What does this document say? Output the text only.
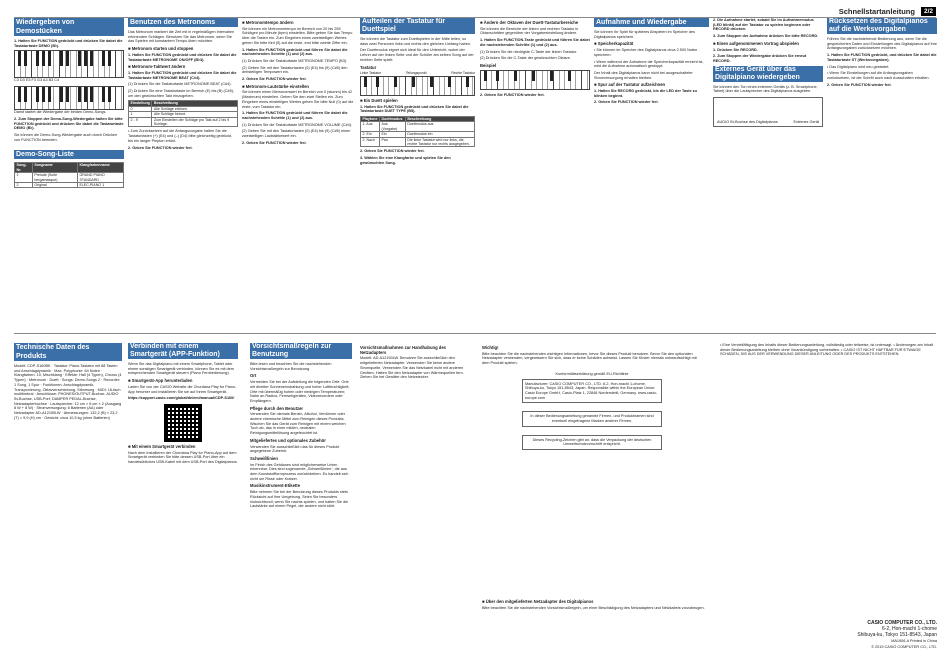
Schnellstartanleitung	2/2
Wiedergeben von Demostücken

1. Halten Sie FUNCTION gedrückt und drücken Sie dabei die Tastaturtaste DEMO (B♭).

C3 D3 E3 F3 G3 A3 B3 C4

Damit startet die Wiedergabe der beiden Demo-Songs.

2. Zum Stoppen der Demo-Song-Wiedergabe halten Sie bitte FUNCTION gedrückt und drücken Sie dabei die Tastaturtaste DEMO (B♭).

Sie können die Demo-Song-Wiedergabe auch durch Drücken von FUNCTION beenden.

Demo-Song-Liste
Song-Nr.	Songname	Klangfarbenname
1	Prelude (Suite bergamasque)	GRAND PIANO STANDARD
2	Original	ELEC.PIANO 1
Benutzen des Metronoms

Das Metronom markiert die Zeit mit in regelmäßigen Intervallen ertönenden Schlägen. Benutzen Sie das Metronom, wenn Sie das Spielen mit konstantem Tempo üben möchten.

■ Metronom starten und stoppen

1. Halten Sie FUNCTION gedrückt und drücken Sie dabei die Tastaturtaste METRONOME ON/OFF (B♭3).

■ Metronom-Taktwert ändern

1. Halten Sie FUNCTION gedrückt und drücken Sie dabei die Tastaturtaste METRONOME BEAT (C#4).

(1) Drücken Sie die Tastaturtaste METRONOME BEAT (C#4).

(2) Drücken Sie eine Tastaturtaste im Bereich (E) bis (B) (C#5), um den gewünschten Takt einzugeben.

Einstellung	Beschreibung
0	Alle Schläge ertönen.
1	Alle Schläge betont.
2 - 9	Zum Einstellen der Schläge pro Takt auf 2 bis 9 Schläge.

• Zum Zurücksetzen auf die Anfangsvorgabe halten Sie die Tastaturtasten (+) (E4) und (–) (D4) bitte gleichzeitig gedrückt, bis ein langer Piepton ertönt.

2. Geben Sie FUNCTION wieder frei.

■ Metronomtempo ändern

Sie können ein Metronomtempo im Bereich von 20 bis 255 Schlägen pro Minute (bpm) einstellen. Bitte geben Sie das Tempo über die Tasten ein. Zum Eingeben eines zweistelligen Wertes geben Sie bitte fünf (5) auf die erste, erst bitte zweite Ziffer ein.

1. Halten Sie FUNCTION gedrückt und führen Sie dabei die nachstehenden Schritte (1) und (2) aus.

(1) Drücken Sie die Tastaturtaste METRONOME TEMPO (B3).

(2) Geben Sie mit den Tastaturtasten (0) (E4) bis (9) (C#5) den dreistelligen Tempowert ein.

2. Geben Sie FUNCTION wieder frei.

■ Metronom-Lautstärke einstellen

Sie können einen Metronomwert im Bereich von 0 (stumm) bis 42 (Maximum) einstellen. Geben Sie den zwei Stellen ein. Zum Eingeben eines einstelligen Wertes geben Sie bitte Null (0) auf die erste, vom Tastatur ein.

1. Halten Sie FUNCTION gedrückt und führen Sie dabei die nachstehenden Schritte (1) und (2) aus.

(1) Drücken Sie die Tastaturtaste METRONOME VOLUME (C#4).

(2) Geben Sie mit den Tastaturtasten (0) (E4) bis (9) (C#5) einen zweistelligen Lautstärkewert ein.

2. Geben Sie FUNCTION wieder frei.

Aufteilen der Tastatur für Duettspiel

Sie können die Tastatur zum Duettspielen in der Mitte teilen, so dass zwei Personen links und rechts den gleichen Umfang haben.

Der Duettmodus eignet sich ideal für den Unterricht, wobei der Lehrer auf der linken Seite und der Schüler am selben Song auf der rechten Seite spielt.

Tastatur
Linke Tastatur	Teilungspunkt	Rechte Tastatur
■ Ein Duett spielen

1. Halten Sie FUNCTION gedrückt und drücken Sie dabei die Tastaturtaste DUET TYPE (B5).

Playtone	Duettmodus	Beschreibung
1. Aus	Aus (Vorgabe)	Duettmodus aus
2. Ein	Ein	Duettmodus ein
2. Nach	Pan	Die linke Tastatur wird nur links, die rechte Tastatur nur rechts ausgegeben.

2. Geben Sie FUNCTION wieder frei.

3. Wählen Sie eine Klangfarbe und spielen Sie den gewünschten Song.

■ Ändern der Oktaven der Duett-Tastaturbereiche

Sie können die Bereiche der linken und rechten Tastatur in Oktavschritten gegenüber der Vorgabeeinstellung ändern.

1. Halten Sie FUNCTION-Taste gedrückt und führen Sie dabei die nachstehenden Schritte (1) und (2) aus.

(1) Drücken Sie die niedrigste C-Taste der linken Tastatur.

(2) Drücken Sie die C-Taste der gewünschten Oktave.

Beispiel

2. Geben Sie FUNCTION wieder frei.

Aufnahme und Wiedergabe

Sie können Ihr Spiel für späteres Abspielen im Speicher des Digitalpianos speichern.

■ Speicherkapazität

• Sie können im Speicher des Digitalpianos circa 2.500 Noten speichern.

• Wenn während der Aufnahme die Speicherkapazität erreicht ist, wird die Aufnahme automatisch gestoppt.

Der Inhalt des Digitalpianos kann nicht bei ausgeschalteter Stromversorgung erhalten bleiben.

■ Spur auf der Tastatur aufzeichnen

1. Halten Sie RECORD gedrückt, bis die LED der Taste zu blinken beginnt.

2. Geben Sie FUNCTION wieder frei.

2. Die Aufnahme startet, sobald Sie im Aufnahmemodus (LED blinkt) auf der Tastatur zu spielen beginnen oder RECORD drücken.

3. Zum Stoppen der Aufnahme drücken Sie bitte RECORD.

■ Einen aufgenommenen Vortrag abspielen

1. Drücken Sie RECORD.

2. Zum Stoppen der Wiedergabe drücken Sie erneut RECORD.

Externes Gerät über das Digitalpiano wiedergeben

Sie können den Ton eines externen Geräts (z. B. Smartphone, Tablet) über die Lautsprecher des Digitalpianos ausgeben.

AUDIO IN-Buchse des Digitalpianos	Externes Gerät
Rücksetzen des Digitalpianos auf die Werksvorgaben

Führen Sie die nachstehende Bedienung aus, wenn Sie die gespeicherten Daten und Einstellungen des Digitalpianos auf ihre Anfangsvorgaben zurücksetzen möchten.

1. Halten Sie FUNCTION gedrückt, und drücken Sie dabei die Tastaturtaste ST (Werksvorgaben).

• Das Digitalpiano wird neu gestartet.

• Wenn Sie Einstellungen auf die Anfangsvorgaben zurücksetzen, ist der Schritt auch nach Ausschalten erhalten.

2. Geben Sie FUNCTION wieder frei.

Technische Daten des Produkts

Modell: CDP-S160BK · Tastatur: Piano-Tastatur mit 88 Tasten und Anschlagdynamik · Max. Polyphonie: 64 Noten · Klangfarben: 10, Mischklang · Effekte: Hall (4 Typen), Chorus (4 Typen) · Metronom · Duett · Songs: Demo-Songs 2 · Recorder: 1 Song, 1 Spur · Funktionen: Anschlagdynamik, Transponierung, Oktavverschiebung, Stimmung · MIDI: 16-fach multitimbral · Anschlüsse: PHONES/OUTPUT-Buchse, AUDIO IN-Buchse, USB-Port, DAMPER PEDAL-Buchse, Netzadapterbuchse · Lautsprecher: 12 cm × 6 cm × 2 (Ausgang 8 W + 8 W) · Stromversorgung: 6 Batterien (AA) oder Netzadapter AD-A12150LW · Abmessungen: 132,2 (B) × 23,2 (T) × 9,9 (H) cm · Gewicht: circa 10,5 kg (ohne Batterien)

Verbinden mit einem Smartgerät (APP-Funktion)

Wenn Sie das Digitalpiano mit einem Smartphone, Tablet oder einem sonstigen Smartgerät verbinden, können Sie es mit dem entsprechenden Smartgerät steuern (Piano Fernbedienung).

■ Smartgerät-App herunterladen

Laden Sie von der CASIO Website die Chordana Play for Piano-App herunter und installieren Sie sie auf Ihrem Smartgerät.

https://support.casio.com/global/de/emi/manual/CDP-S160/

■ Mit einem Smartgerät verbinden

Nach dem Installieren der Chordana Play for Piano-App auf dem Smartgerät verbinden Sie bitte dessen USB-Port über ein handelsübliches USB-Kabel mit dem USB-Port des Digitalpianos.

Vorsichtsmaßregeln zur Benutzung

Bitte lesen und beachten Sie die nachstehenden Vorsichtsmaßregeln zur Benutzung.

Ort

Vermeiden Sie bei der Aufstellung die folgenden Orte: Orte mit direkter Sonneneinstrahlung und hoher Luftfeuchtigkeit; Orte mit übermäßig hohen oder niedrigen Temperaturen; Nahe an Radios, Fernsehgeräten, Videorecordern oder Empfängern.

Pflege durch den Benutzer

Verwenden Sie niemals Benzin, Alkohol, Verdünner oder andere chemische Mittel zum Reinigen dieses Produkts. Wischen Sie das Gerät zum Reinigen mit einem weichen Tuch ab, das in einer milden, neutralen Reinigungsmittellösung angefeuchtet ist.

Mitgeliefertes und optionales Zubehör

Verwenden Sie ausschließlich das für dieses Produkt angegebene Zubehör.

Schweißlinien

Im Finish des Gehäuses sind möglicherweise Linien erkennbar. Dies sind sogenannte „Schweißlinien“, die aus dem Kunststoffformprozess zurückbleiben. Es handelt sich nicht um Risse oder Kratzer.

Musikinstrument-Etikette

Bitte nehmen Sie bei der Benutzung dieses Produkts stets Rücksicht auf Ihre Umgebung. Seien Sie besonders rücksichtsvoll, wenn Sie nachts spielen, und halten Sie die Lautstärke auf einem Pegel, der andere nicht stört.

Vorsichtsmaßnahmen zur Handhabung des Netzadapters

Modell: AD-A12150LW. Benutzen Sie ausschließlich den mitgelieferten Netzadapter. Verwenden Sie keine andere Stromquelle. Verwenden Sie das Netzkabel nicht mit anderen Geräten. Halten Sie den Netzadapter von Wärmequellen fern. Ziehen Sie bei Gewitter den Netzstecker.

Wichtig!

Bitte beachten Sie die nachstehenden wichtigen Informationen, bevor Sie dieses Produkt benutzen. Bevor Sie den optionalen Netzadapter verwenden, vergewissern Sie sich, dass er keine Schäden aufweist. Lassen Sie Kinder niemals unbeaufsichtigt mit dem Produkt spielen.

Konformitätserklärung gemäß EU-Richtlinie

Manufacturer: CASIO COMPUTER CO., LTD. 6-2, Hon-machi 1-chome, Shibuya-ku, Tokyo 151-8543, Japan. Responsible within the European Union: Casio Europe GmbH, Casio-Platz 1, 22848 Norderstedt, Germany. www.casio-europe.com
In dieser Bedienungsanleitung genannte Firmen- und Produktnamen sind eventuell eingetragene Marken anderer Firmen.
Dieses Recycling-Zeichen gibt an, dass die Verpackung der deutschen Umweltschutzvorschrift entspricht.

• Eine Vervielfältigung des Inhalts dieser Bedienungsanleitung, vollständig oder teilweise, ist untersagt. • Änderungen am Inhalt dieser Bedienungsanleitung bleiben ohne Vorankündigung vorbehalten. • CASIO IST NICHT HAFTBAR FÜR ETWAIGE SCHÄDEN, DIE AUS DER VERWENDUNG DIESER ANLEITUNG ODER DES PRODUKTS ENTSTEHEN.

■ Über den mitgelieferten Netzadapter des Digitalpianos

Bitte beachten Sie die nachstehenden Vorsichtsmaßregeln, um einer Beschädigung des Netzadapters und Netzkabels vorzubeugen.

CASIO COMPUTER CO., LTD.
6-2, Hon-machi 1-chome
Shibuya-ku, Tokyo 151-8543, Japan
MA1906-A Printed in China
© 2019 CASIO COMPUTER CO., LTD.
